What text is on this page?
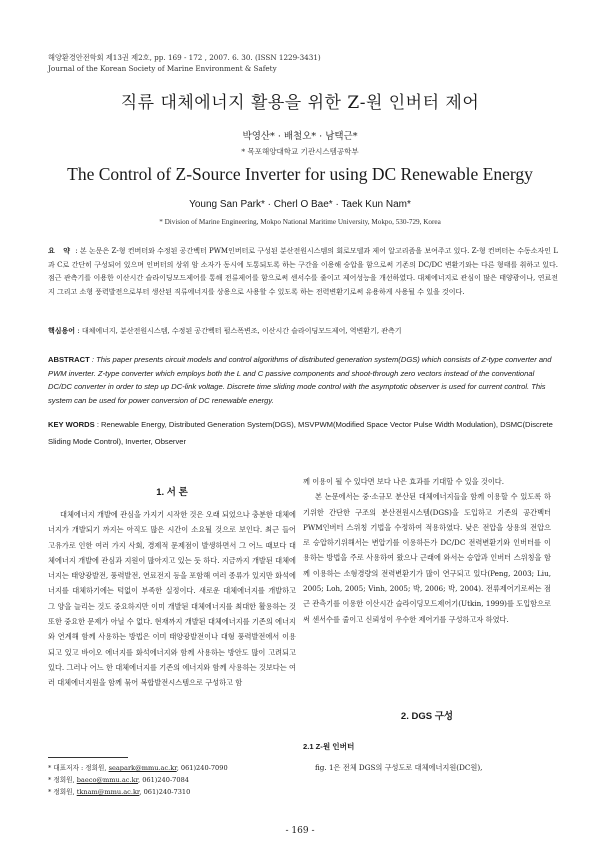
해양환경안전학회 제13권 제2호, pp. 169 - 172 , 2007. 6. 30. (ISSN 1229-3431)
Journal of the Korean Society of Marine Environment & Safety
직류 대체에너지 활용을 위한 Z-원 인버터 제어
박영산* · 배철오* · 남택근*
* 목포해양대학교 기관시스템공학부
The Control of Z-Source Inverter for using DC Renewable Energy
Young San Park* · Cherl O Bae* · Taek Kun Nam*
* Division of Marine Engineering, Mokpo National Maritime University, Mokpo, 530-729, Korea
요 약 : 본 논문은 Z-형 컨버터와 수정된 공간벡터 PWM인버터로 구성된 분산전원시스템의 회로모델과 제어 알고리즘을 보여주고 있다. Z-형 컨버터는 수동소자인 L과 C로 간단히 구성되어 있으며 인버터의 상위 암 소자가 동시에 도통되도록 하는 구간을 이용해 승압을 함으로써 기존의 DC/DC 변환기와는 다른 형태를 취하고 있다. 점근 관측기를 이용한 이산시간 슬라이딩모드제어를 통해 전류제어를 함으로써 센서수를 줄이고 제어성능을 개선하였다. 대체에너지로 관심이 많은 태양광이나, 연료전지 그리고 소형 풍력발전으로부터 생산된 직류에너지를 상용으로 사용할 수 있도록 하는 전력변환기로써 유용하게 사용될 수 있을 것이다.
핵심용어 : 대체에너지, 분산전원시스템, 수정된 공간벡터 펄스폭변조, 이산시간 슬라이딩모드제어, 역변환기, 관측기
ABSTRACT : This paper presents circuit models and control algorithms of distributed generation system(DGS) which consists of Z-type converter and PWM inverter. Z-type converter which employs both the L and C passive components and shoot-through zero vectors instead of the conventional DC/DC converter in order to step up DC-link voltage. Discrete time sliding mode control with the asymptotic observer is used for current control. This system can be used for power conversion of DC renewable energy.
KEY WORDS : Renewable Energy, Distributed Generation System(DGS), MSVPWM(Modified Space Vector Pulse Width Modulation), DSMC(Discrete Sliding Mode Control), Inverter, Observer
1. 서 론

대체에너지 개발에 관심을 가지기 시작한 것은 오래 되었으나 충분한 대체에너지가 개발되기 까지는 아직도 많은 시간이 소요될 것으로 보인다. 최근 들어 고유가로 인한 여러 가지 사회, 경제적 문제점이 발생하면서 그 어느 때보다 대체에너지 개발에 관심과 지원이 많아지고 있는 듯 하다. 지금까지 개발된 대체에너지는 태양광발전, 풍력발전, 연료전지 등을 포함해 여러 종류가 있지만 화석에너지를 대체하기에는 턱없이 부족한 실정이다. 새로운 대체에너지를 개발하고 그 양을 늘리는 것도 중요하지만 이미 개발된 대체에너지를 최대한 활용하는 것 또한 중요한 문제가 아닐 수 없다. 현재까지 개발된 대체에너지를 기존의 에너지와 연계해 함께 사용하는 방법은 이미 태양광발전이나 대형 풍력발전에서 이용되고 있고 바이오 에너지를 화석에너지와 함께 사용하는 방안도 많이 고려되고 있다. 그러나 어느 한 대체에너지를 기존의 에너지와 함께 사용하는 것보다는 여러 대체에너지원을 함께 묶어 복합발전시스템으로 구성하고 함

께 이용이 될 수 있다면 보다 나은 효과를 기대할 수 있을 것이다.

본 논문에서는 중·소규모 분산된 대체에너지들을 함께 이용할 수 있도록 하기위한 간단한 구조의 분산전원시스템(DGS)을 도입하고 기존의 공간벡터 PWM인버터 스위칭 기법을 수정하여 적용하였다. 낮은 전압을 상용의 전압으로 승압하기위해서는 변압기를 이용하든가 DC/DC 전력변환기와 인버터를 이용하는 방법을 주로 사용하여 왔으나 근래에 와서는 승압과 인버터 스위칭을 함께 이용하는 소형경량의 전력변환기가 많이 연구되고 있다(Peng, 2003; Liu, 2005; Loh, 2005; Vinh, 2005; 박, 2006; 박, 2004). 전류제어기로써는 점근 관측기를 이용한 이산시간 슬라이딩모드제어기(Utkin, 1999)를 도입함으로써 센서수를 줄이고 신뢰성이 우수한 제어기를 구성하고자 하였다.

2. DGS 구성
2.1 Z-원 인버터

fig. 1은 전체 DGS의 구성도로 대체에너지원(DC원),

* 대표저자 : 정회원, seapark@mmu.ac.kr, 061)240-7090
* 정회원, baeco@mmu.ac.kr, 061)240-7084
* 정회원, tknam@mmu.ac.kr, 061)240-7310
- 169 -
